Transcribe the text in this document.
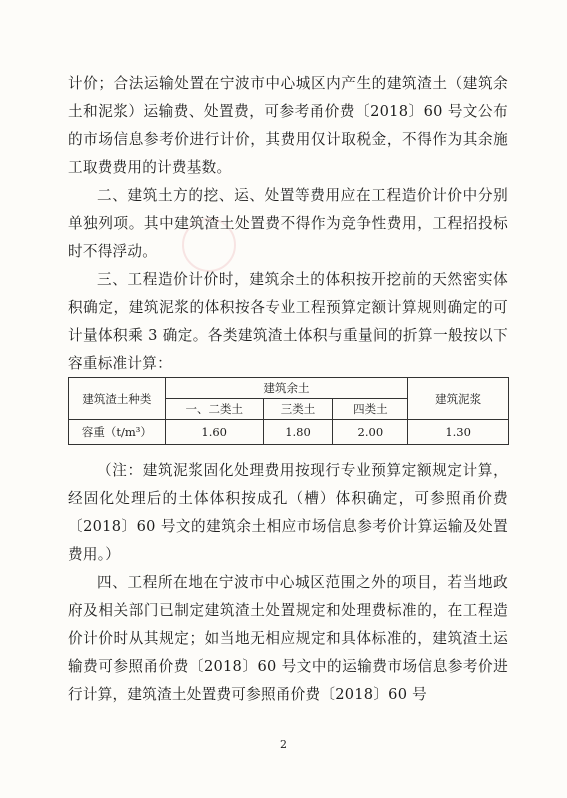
计价；合法运输处置在宁波市中心城区内产生的建筑渣土（建筑余土和泥浆）运输费、处置费，可参考甬价费〔2018〕60 号文公布的市场信息参考价进行计价，其费用仅计取税金，不得作为其余施工取费费用的计费基数。

二、建筑土方的挖、运、处置等费用应在工程造价计价中分别单独列项。其中建筑渣土处置费不得作为竞争性费用，工程招投标时不得浮动。

三、工程造价计价时，建筑余土的体积按开挖前的天然密实体积确定，建筑泥浆的体积按各专业工程预算定额计算规则确定的可计量体积乘 3 确定。各类建筑渣土体积与重量间的折算一般按以下容重标准计算：

建筑渣土种类	建筑余土			建筑泥浆
	一、二类土	三类土	四类土	
容重（t/m³）	1.60	1.80	2.00	1.30

（注：建筑泥浆固化处理费用按现行专业预算定额规定计算，经固化处理后的土体体积按成孔（槽）体积确定，可参照甬价费〔2018〕60 号文的建筑余土相应市场信息参考价计算运输及处置费用。）

四、工程所在地在宁波市中心城区范围之外的项目，若当地政府及相关部门已制定建筑渣土处置规定和处理费标准的，在工程造价计价时从其规定；如当地无相应规定和具体标准的，建筑渣土运输费可参照甬价费〔2018〕60 号文中的运输费市场信息参考价进行计算，建筑渣土处置费可参照甬价费〔2018〕60 号

2
